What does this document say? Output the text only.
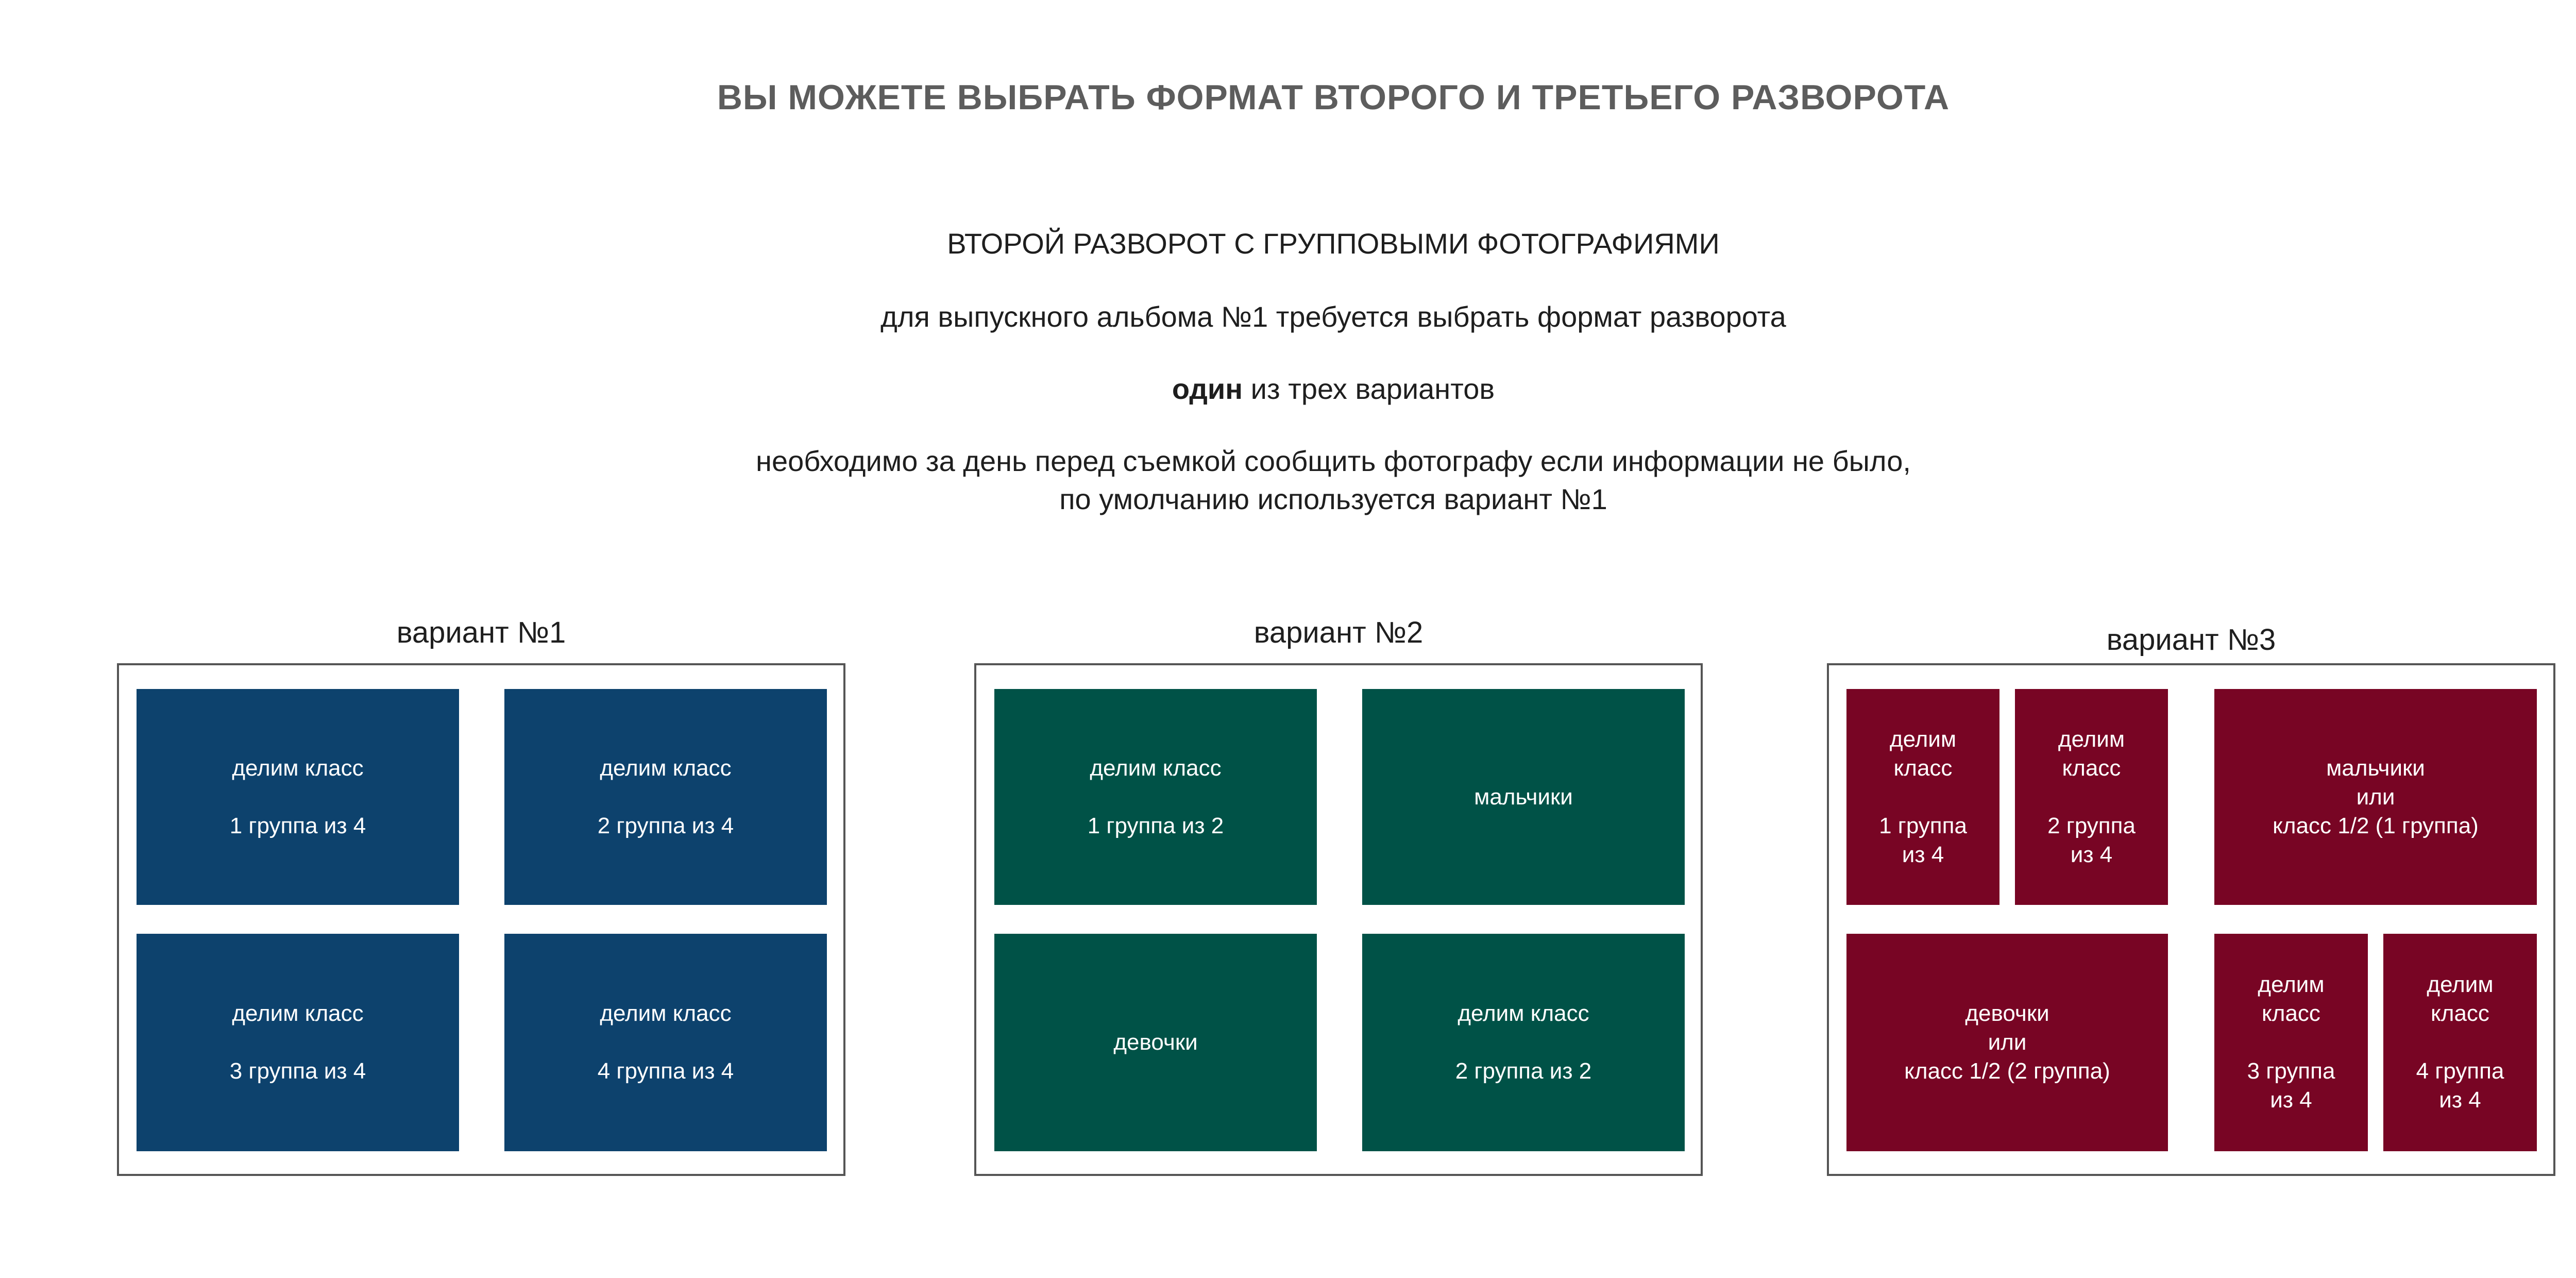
ВЫ МОЖЕТЕ ВЫБРАТЬ ФОРМАТ ВТОРОГО И ТРЕТЬЕГО РАЗВОРОТА
ВТОРОЙ РАЗВОРОТ С ГРУППОВЫМИ ФОТОГРАФИЯМИ
для выпускного альбома №1 требуется выбрать формат разворота
один из трех вариантов
необходимо за день перед съемкой сообщить фотографу если информации не было,
по умолчанию используется вариант №1
вариант №1
делим класс

1 группа из 4
делим класс

2 группа из 4
делим класс

3 группа из 4
делим класс

4 группа из 4
вариант №2
делим класс

1 группа из 2
мальчики
девочки
делим класс

2 группа из 2
вариант №3
делим
класс

1 группа
из 4
делим
класс

2 группа
из 4
мальчики
или
класс 1/2 (1 группа)
девочки
или
класс 1/2 (2 группа)
делим
класс

3 группа
из 4
делим
класс

4 группа
из 4
